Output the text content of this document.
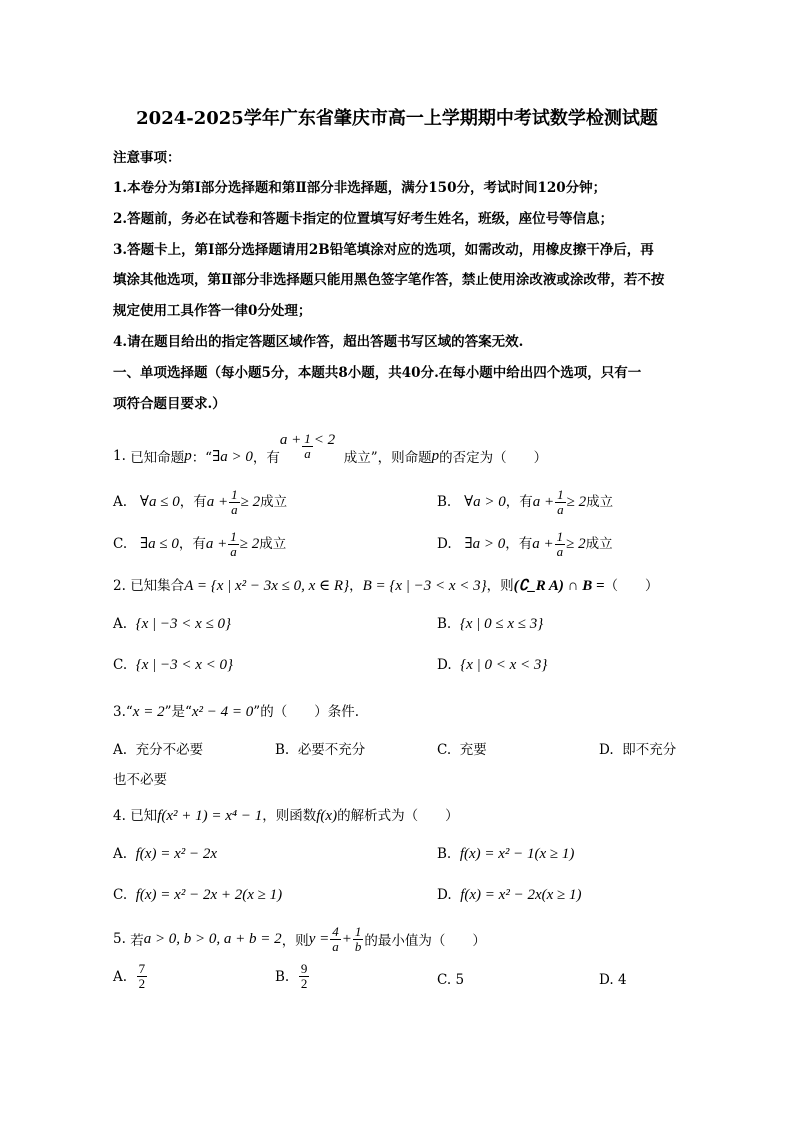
2024-2025学年广东省肇庆市高一上学期期中考试数学检测试题
注意事项：
1.本卷分为第Ⅰ部分选择题和第Ⅱ部分非选择题，满分150分，考试时间120分钟；
2.答题前，务必在试卷和答题卡指定的位置填写好考生姓名，班级，座位号等信息；
3.答题卡上，第Ⅰ部分选择题请用2B铅笔填涂对应的选项，如需改动，用橡皮擦干净后，再
填涂其他选项，第Ⅱ部分非选择题只能用黑色签字笔作答，禁止使用涂改液或涂改带，若不按
规定使用工具作答一律0分处理；
4.请在题目给出的指定答题区域作答，超出答题书写区域的答案无效.
一、单项选择题（每小题5分，本题共8小题，共40分.在每小题中给出四个选项，只有一
项符合题目要求.）
1.
已知命题 p ：“ ∃a > 0 ，有
$a + \frac{1}{a} < 2$

成立”，则命题 p 的否定为（　　）
A. ∀a ≤ 0，有$a + \frac{1}{a} \ge 2$成立	B. ∀a > 0，有$a + \frac{1}{a} \ge 2$成立
C. ∃a ≤ 0，有$a + \frac{1}{a} \ge 2$成立	D. ∃a > 0，有$a + \frac{1}{a} \ge 2$成立
2. 已知集合A = {x | x² − 3x ≤ 0, x ∈ R}，B = {x | −3 < x < 3}，则(∁_R A) ∩ B =（　　）
A. {x | −3 < x ≤ 0}	B. {x | 0 ≤ x ≤ 3}
C. {x | −3 < x < 0}	D. {x | 0 < x < 3}
3.“x = 2”是“x² − 4 = 0”的（　　）条件.
A. 充分不必要	B. 必要不充分	C. 充要	D. 即不充分
也不必要
4. 已知f(x² + 1) = x⁴ − 1，则函数f(x)的解析式为（　　）
A. f(x) = x² − 2x	B. f(x) = x² − 1(x ≥ 1)
C. f(x) = x² − 2x + 2(x ≥ 1)	D. f(x) = x² − 2x(x ≥ 1)
5.
若 a > 0, b > 0, a + b = 2 ，则 $y = \frac{4}{a} + \frac{1}{b}$ 的最小值为（　　）
A.
$\frac{7}{2}$	B.
$\frac{9}{2}$	C. 5	D. 4
